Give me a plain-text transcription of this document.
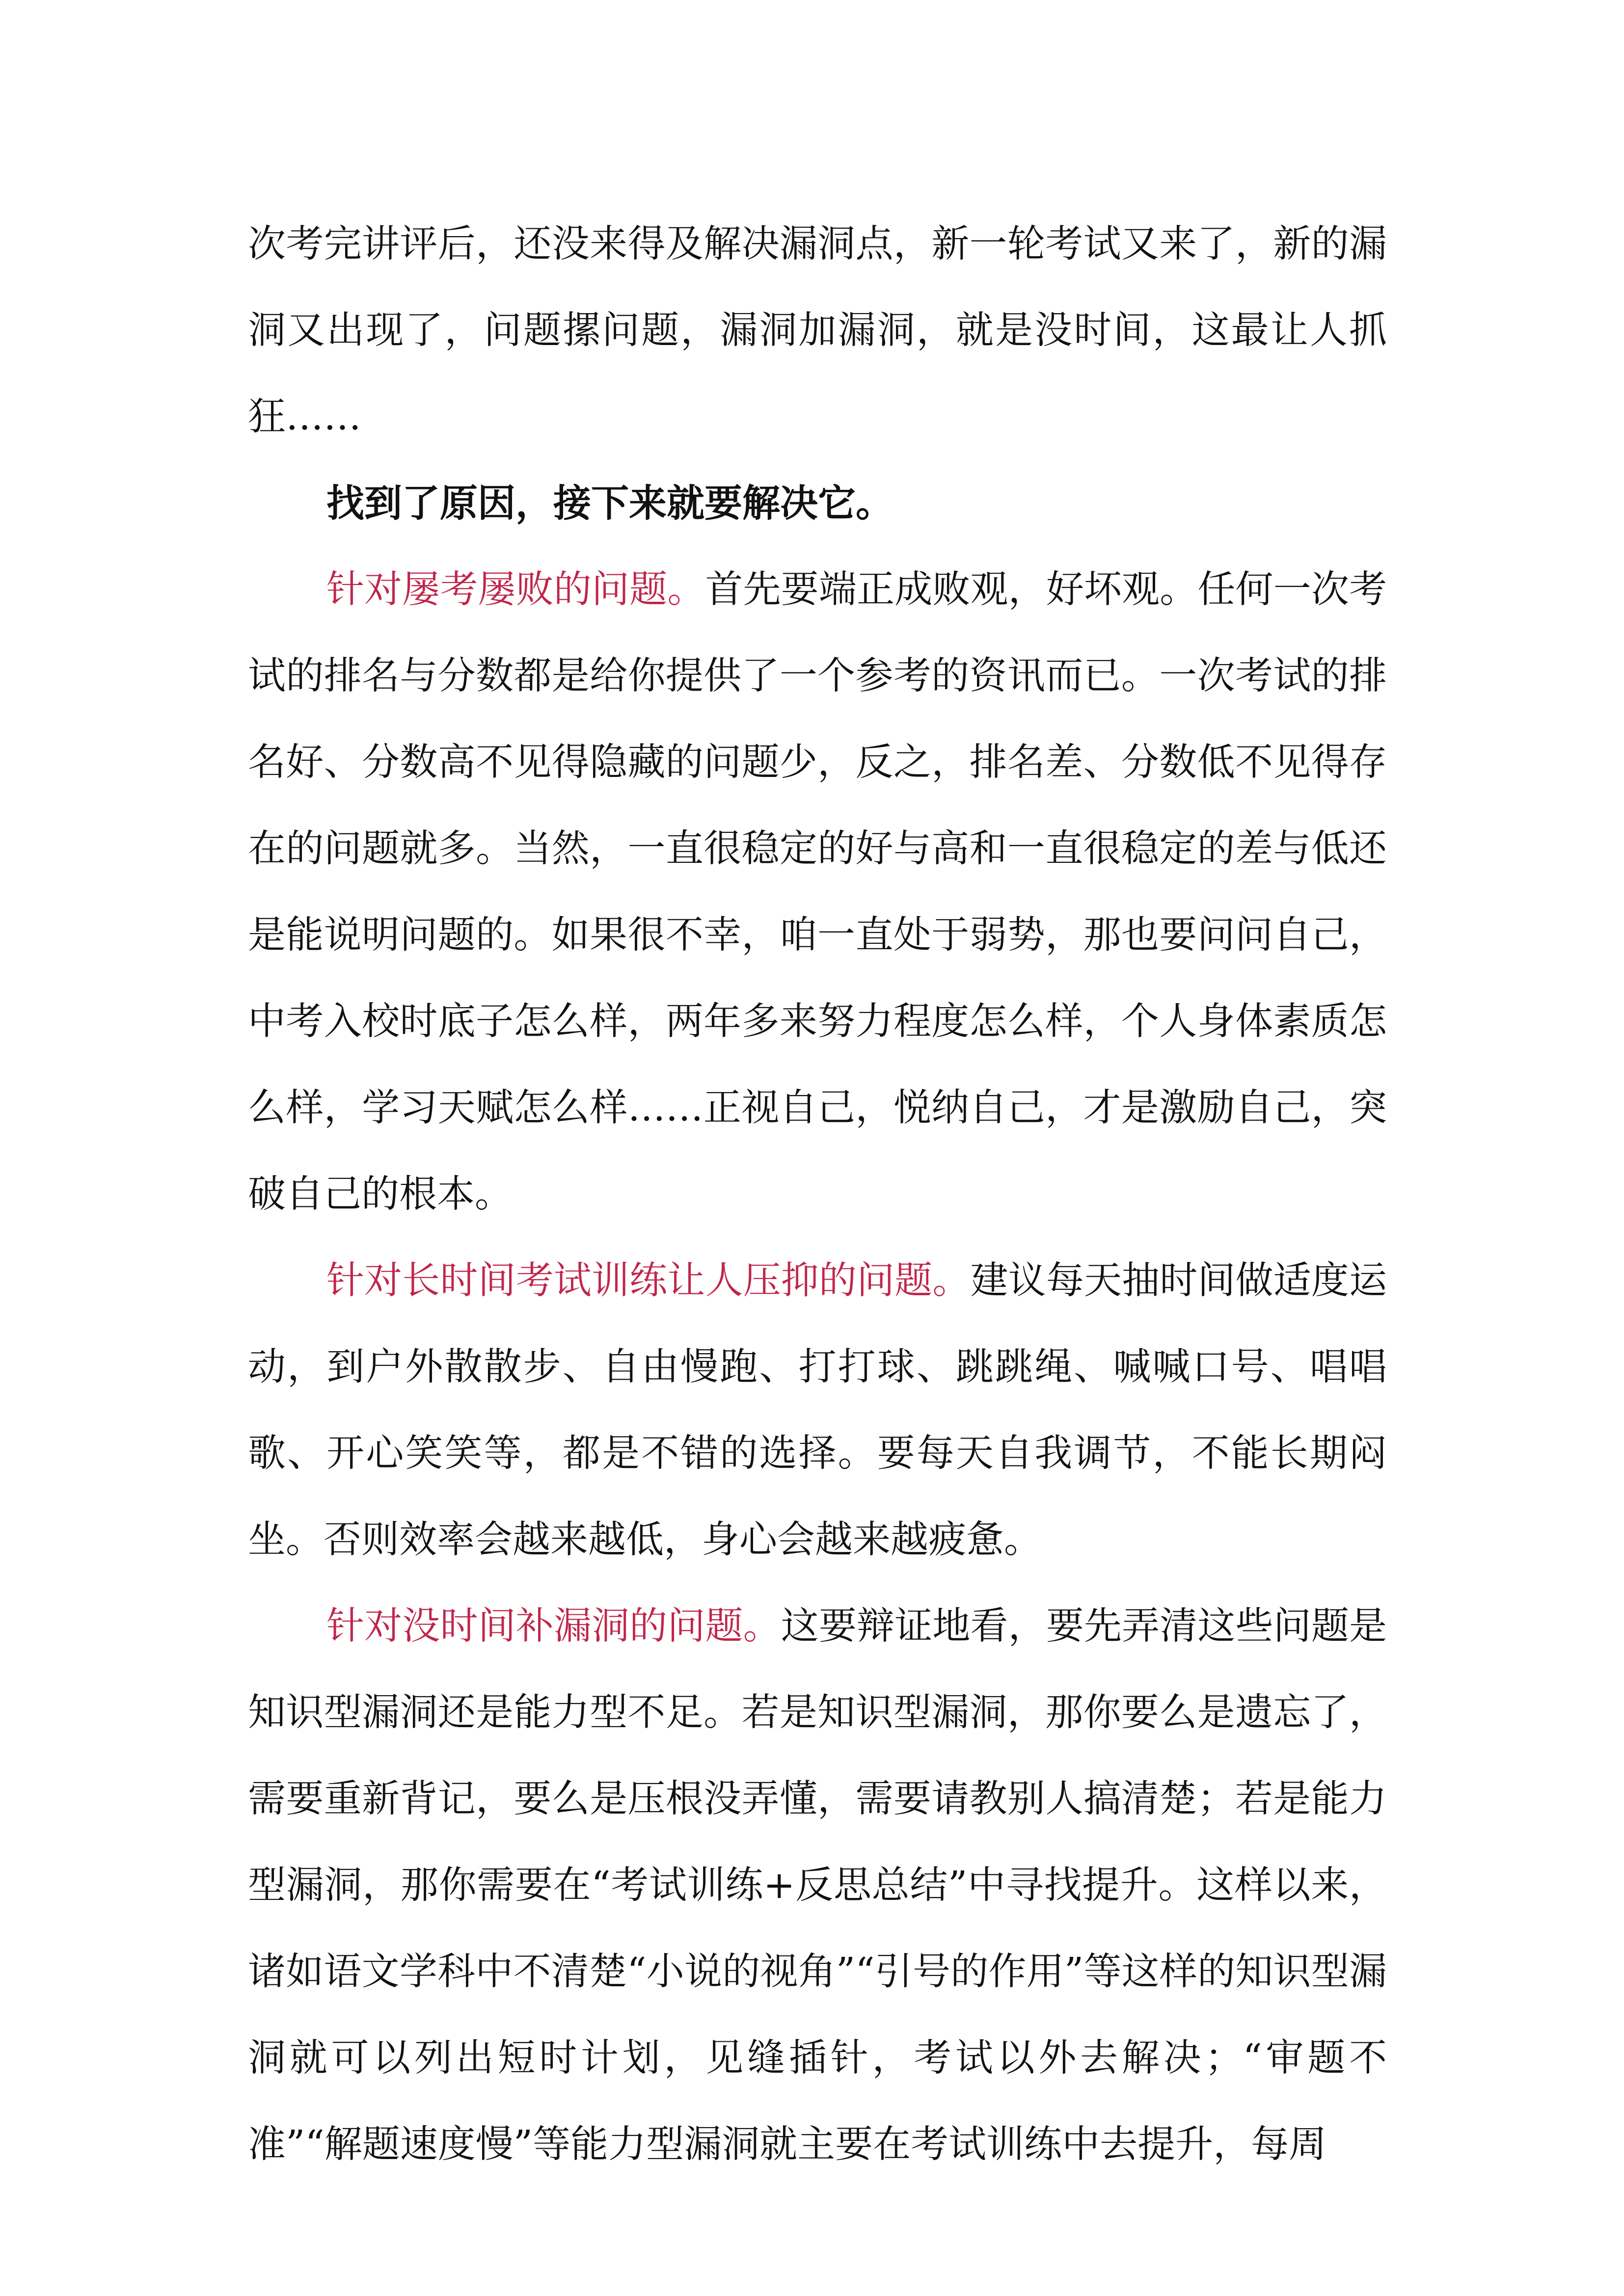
次考完讲评后，还没来得及解决漏洞点，新一轮考试又来了，新的漏洞又出现了，问题摞问题，漏洞加漏洞，就是没时间，这最让人抓狂……

找到了原因，接下来就要解决它。

针对屡考屡败的问题。首先要端正成败观，好坏观。任何一次考试的排名与分数都是给你提供了一个参考的资讯而已。一次考试的排名好、分数高不见得隐藏的问题少，反之，排名差、分数低不见得存在的问题就多。当然，一直很稳定的好与高和一直很稳定的差与低还是能说明问题的。如果很不幸，咱一直处于弱势，那也要问问自己，中考入校时底子怎么样，两年多来努力程度怎么样，个人身体素质怎么样，学习天赋怎么样……正视自己，悦纳自己，才是激励自己，突破自己的根本。

针对长时间考试训练让人压抑的问题。建议每天抽时间做适度运动，到户外散散步、自由慢跑、打打球、跳跳绳、喊喊口号、唱唱歌、开心笑笑等，都是不错的选择。要每天自我调节，不能长期闷坐。否则效率会越来越低，身心会越来越疲惫。

针对没时间补漏洞的问题。这要辩证地看，要先弄清这些问题是知识型漏洞还是能力型不足。若是知识型漏洞，那你要么是遗忘了，需要重新背记，要么是压根没弄懂，需要请教别人搞清楚；若是能力型漏洞，那你需要在“考试训练+反思总结”中寻找提升。这样以来，诸如语文学科中不清楚“小说的视角”“引号的作用”等这样的知识型漏洞就可以列出短时计划，见缝插针，考试以外去解决；“审题不准”“解题速度慢”等能力型漏洞就主要在考试训练中去提升，每周
